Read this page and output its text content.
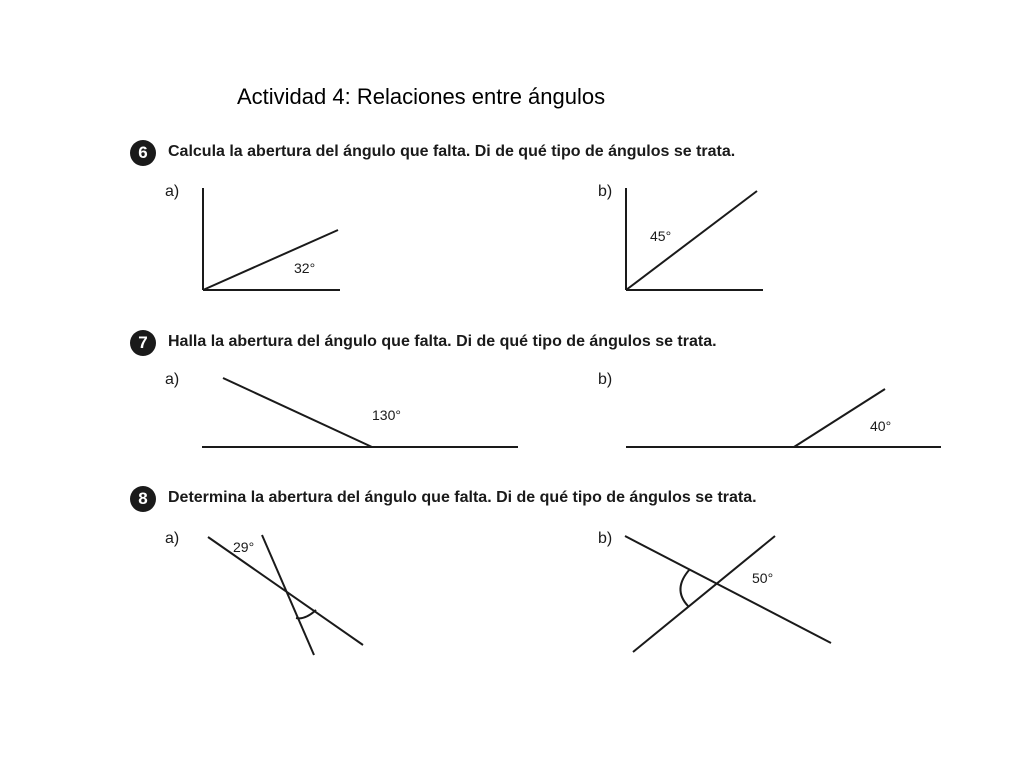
Actividad 4: Relaciones entre ángulos
6	Calcula la abertura del ángulo que falta. Di de qué tipo de ángulos se trata.
a)	b)
7	Halla la abertura del ángulo que falta. Di de qué tipo de ángulos se trata.
a)	b)
8	Determina la abertura del ángulo que falta. Di de qué tipo de ángulos se trata.
a)	b)
32°
45°
130°
40°
29°
50°
